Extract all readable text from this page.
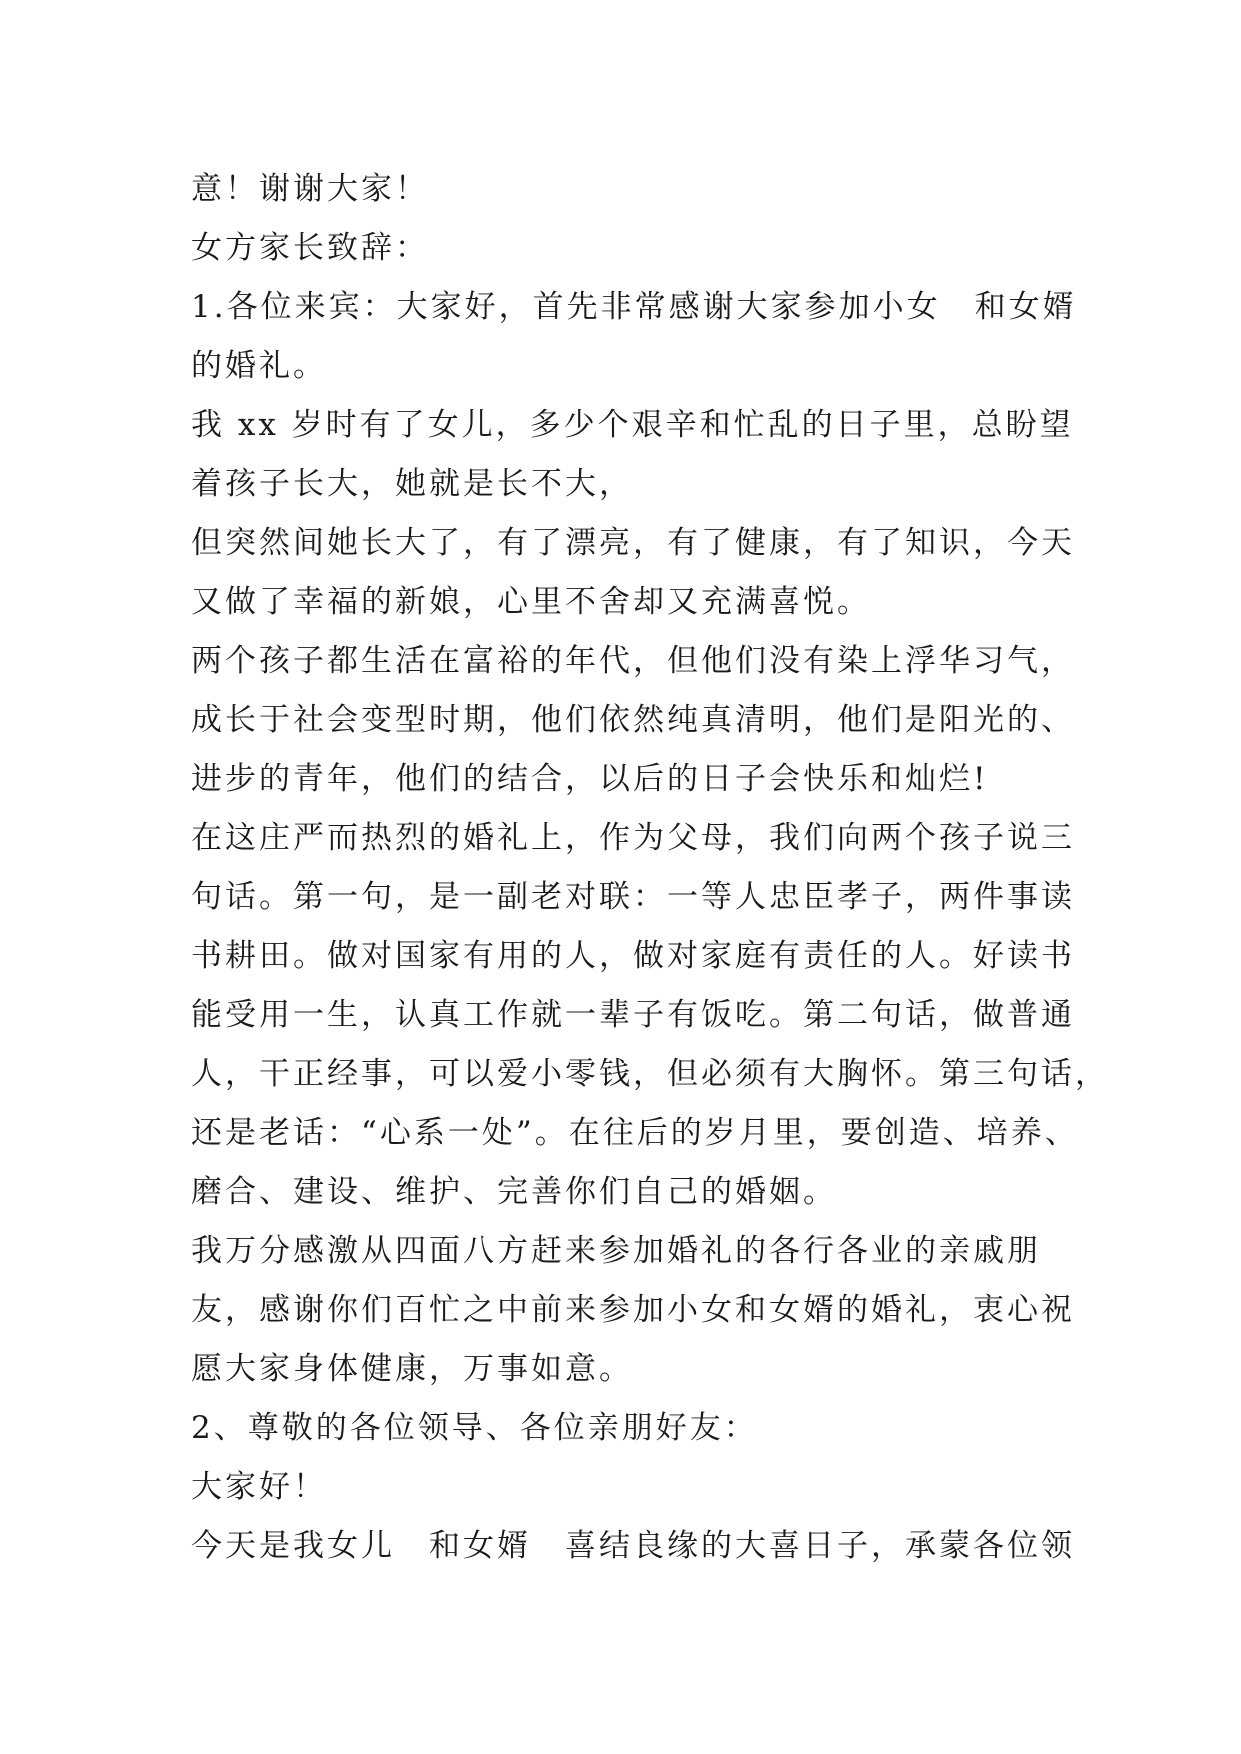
意！谢谢大家！
女方家长致辞：
1.各位来宾：大家好，首先非常感谢大家参加小女　和女婿
的婚礼。
我 xx 岁时有了女儿，多少个艰辛和忙乱的日子里，总盼望
着孩子长大，她就是长不大，
但突然间她长大了，有了漂亮，有了健康，有了知识，今天
又做了幸福的新娘，心里不舍却又充满喜悦。
两个孩子都生活在富裕的年代，但他们没有染上浮华习气，
成长于社会变型时期，他们依然纯真清明，他们是阳光的、
进步的青年，他们的结合，以后的日子会快乐和灿烂!
在这庄严而热烈的婚礼上，作为父母，我们向两个孩子说三
句话。第一句，是一副老对联：一等人忠臣孝子，两件事读
书耕田。做对国家有用的人，做对家庭有责任的人。好读书
能受用一生，认真工作就一辈子有饭吃。第二句话，做普通
人，干正经事，可以爱小零钱，但必须有大胸怀。第三句话，
还是老话：“心系一处”。在往后的岁月里，要创造、培养、
磨合、建设、维护、完善你们自己的婚姻。
我万分感激从四面八方赶来参加婚礼的各行各业的亲戚朋
友，感谢你们百忙之中前来参加小女和女婿的婚礼，衷心祝
愿大家身体健康，万事如意。
2、尊敬的各位领导、各位亲朋好友：
大家好！
今天是我女儿　和女婿　喜结良缘的大喜日子，承蒙各位领
